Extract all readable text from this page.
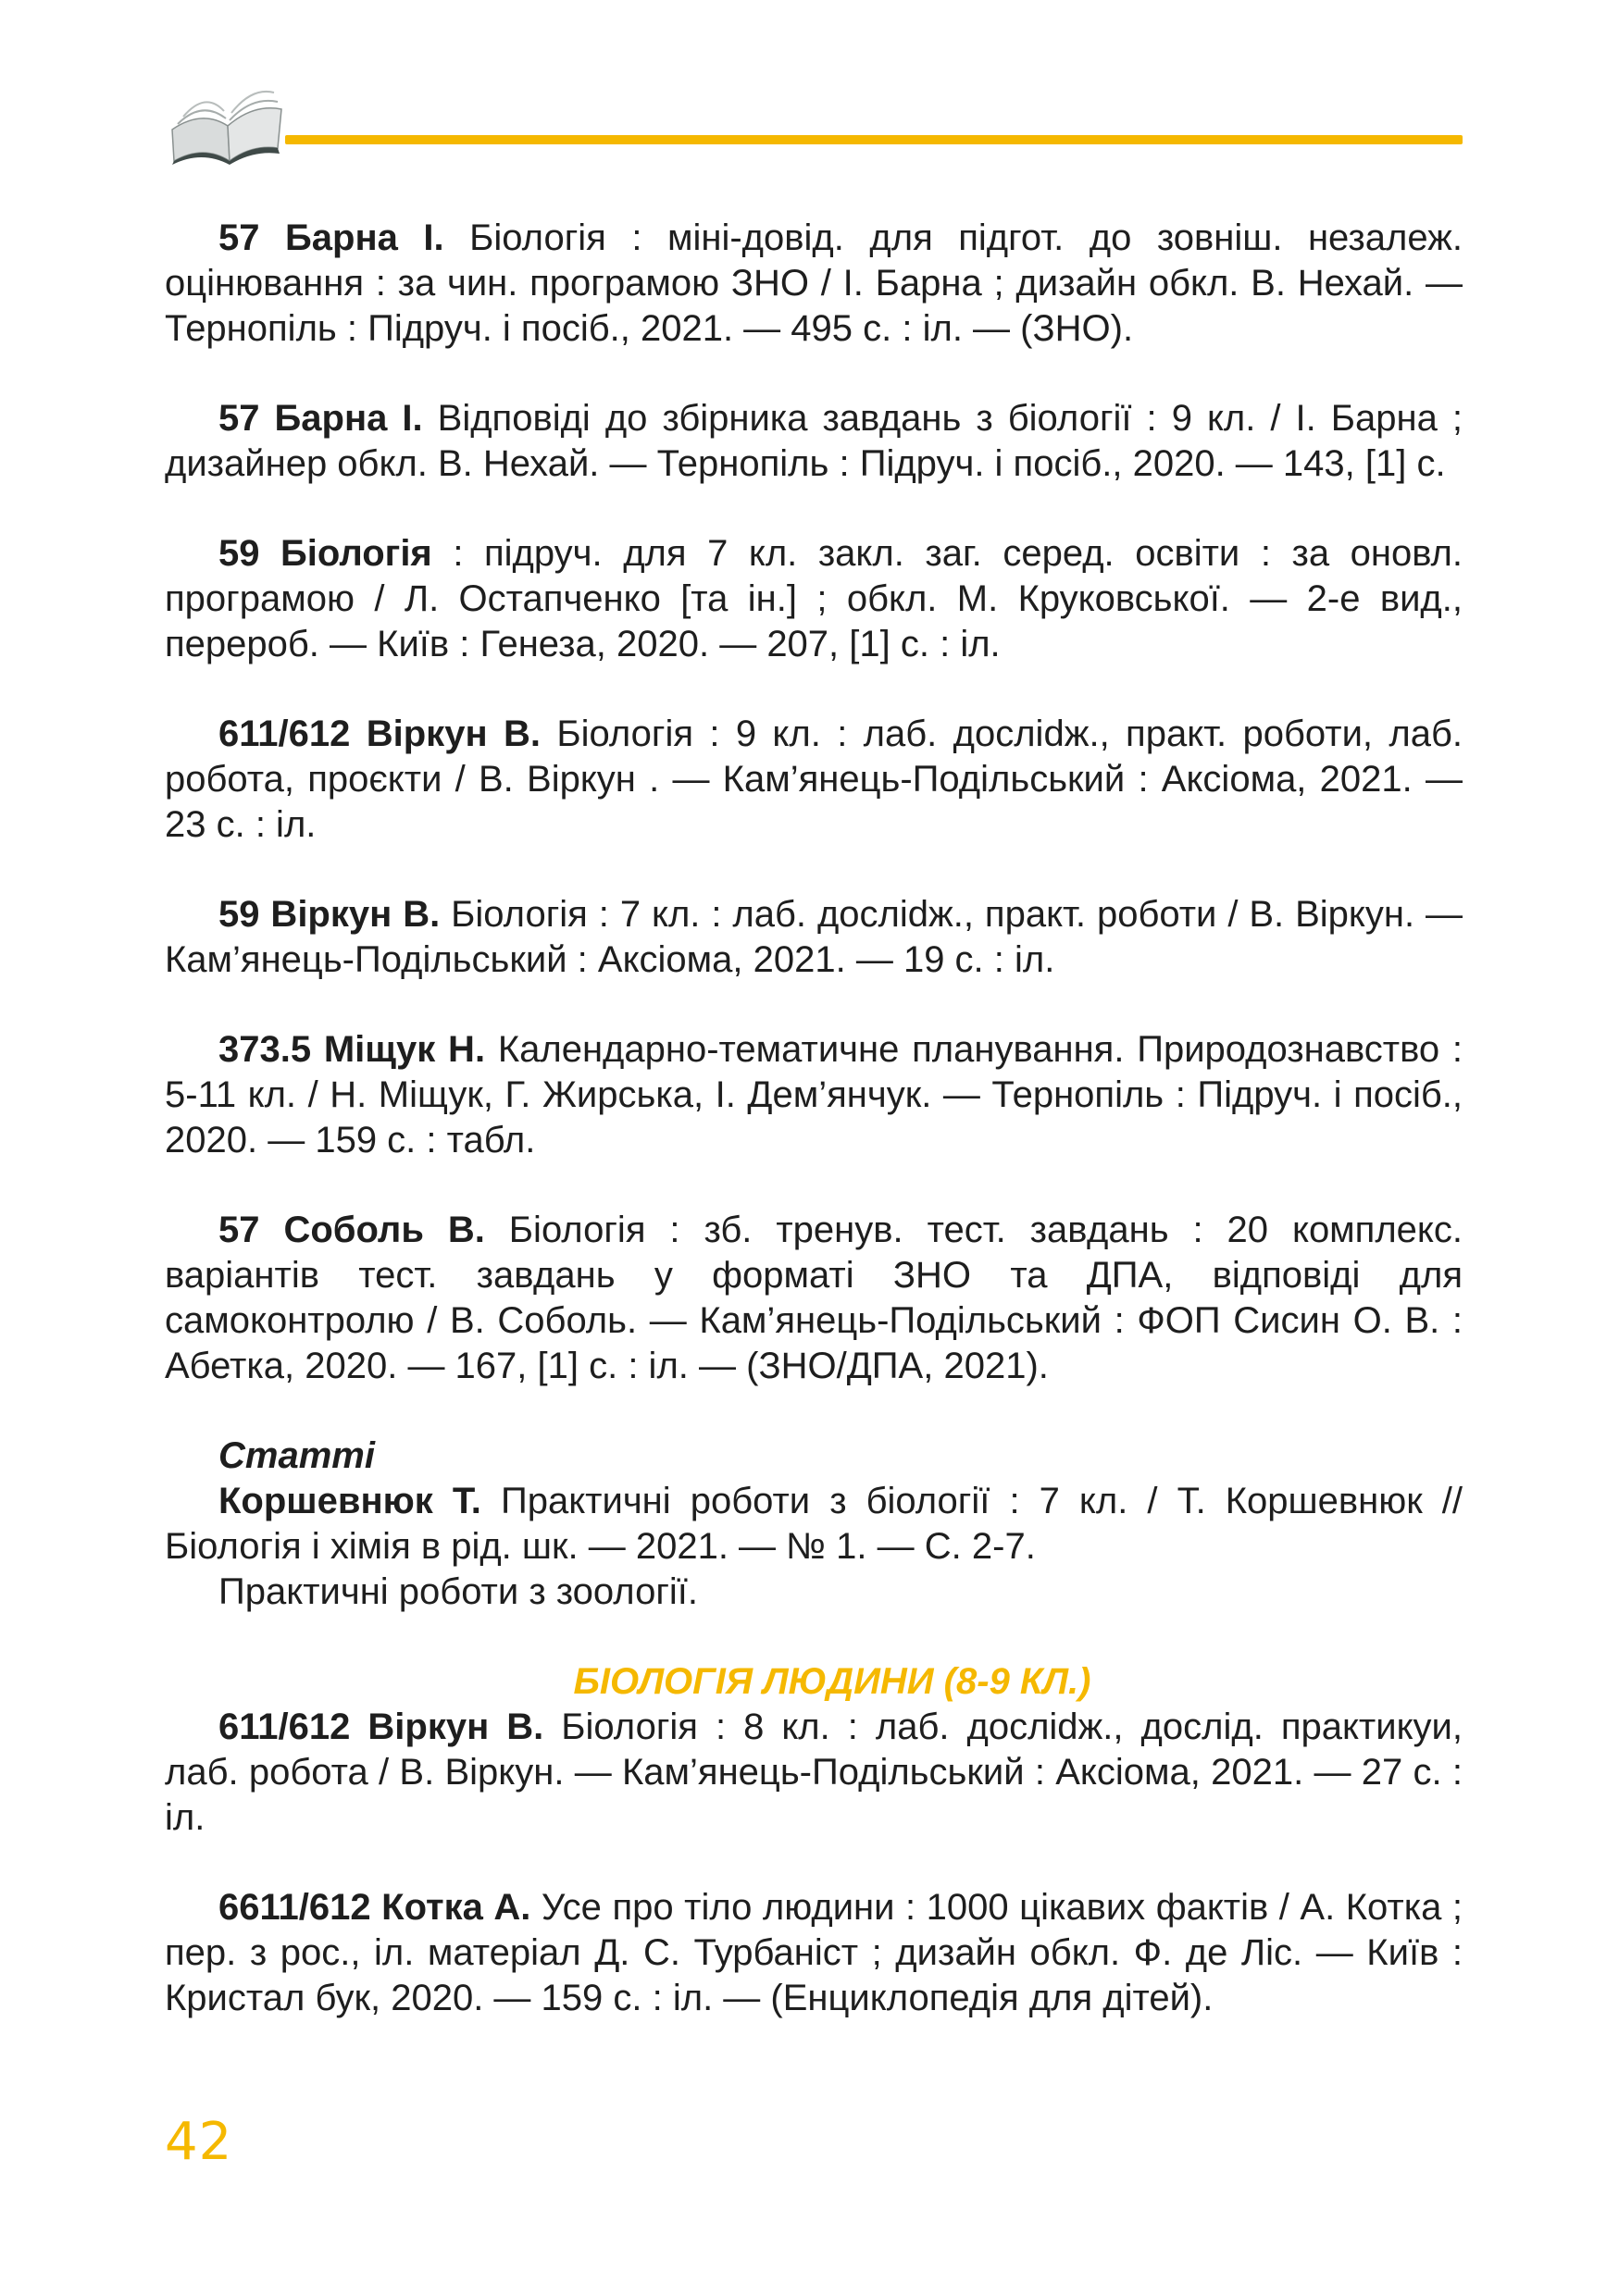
57 Барна І. Біологія : міні-довід. для підгот. до зовніш. незалеж. оцінювання : за чин. програмою ЗНО / І. Барна ; дизайн обкл. В. Нехай. — Тернопіль : Підруч. і посіб., 2021. — 495 с. : іл. — (ЗНО).

57 Барна І. Відповіді до збірника завдань з біології : 9 кл. / І. Барна ; дизайнер обкл. В. Нехай. — Тернопіль : Підруч. і посіб., 2020. — 143, [1] с.

59 Біологія : підруч. для 7 кл. закл. заг. серед. освіти : за оновл. програмою / Л. Остапченко [та ін.] ; обкл. М. Круковської. — 2-е вид., перероб. — Київ : Генеза, 2020. — 207, [1] с. : іл.

611/612 Віркун В. Біологія : 9 кл. : лаб. досліdж., практ. роботи, лаб. робота, проєкти / В. Віркун . — Кам’янець-Подільський : Аксіома, 2021. — 23 с. : іл.

59 Віркун В. Біологія : 7 кл. : лаб. досліdж., практ. роботи / В. Віркун. — Кам’янець-Подільський : Аксіома, 2021. — 19 с. : іл.

373.5 Міщук Н. Календарно-тематичне планування. Природознавство : 5-11 кл. / Н. Міщук, Г. Жирська, І. Дем’янчук. — Тернопіль : Підруч. і посіб., 2020. — 159 с. : табл.

57 Соболь В. Біологія : зб. тренув. тест. завдань : 20 комплекс. варіантів тест. завдань у форматі ЗНО та ДПА, відповіді для самоконтролю / В. Соболь. — Кам’янець-Подільський : ФОП Сисин О. В. : Абетка, 2020. — 167, [1] с. : іл. — (ЗНО/ДПА, 2021).

Статті

Коршевнюк Т. Практичні роботи з біології : 7 кл. / Т. Коршевнюк // Біологія і хімія в рід. шк. — 2021. — № 1. — С. 2-7.

Практичні роботи з зоології.

БІОЛОГІЯ ЛЮДИНИ (8-9 КЛ.)

611/612 Віркун В. Біологія : 8 кл. : лаб. досліdж., дослід. практикуи, лаб. робота / В. Віркун. — Кам’янець-Подільський : Аксіома, 2021. — 27 с. : іл.

6611/612 Котка А. Усе про тіло людини : 1000 цікавих фактів / А. Котка ; пер. з рос., іл. матеріал Д. С. Турбаніст ; дизайн обкл. Ф. де Ліс. — Київ : Кристал бук, 2020. — 159 с. : іл. — (Енциклопедія для дітей).

42
